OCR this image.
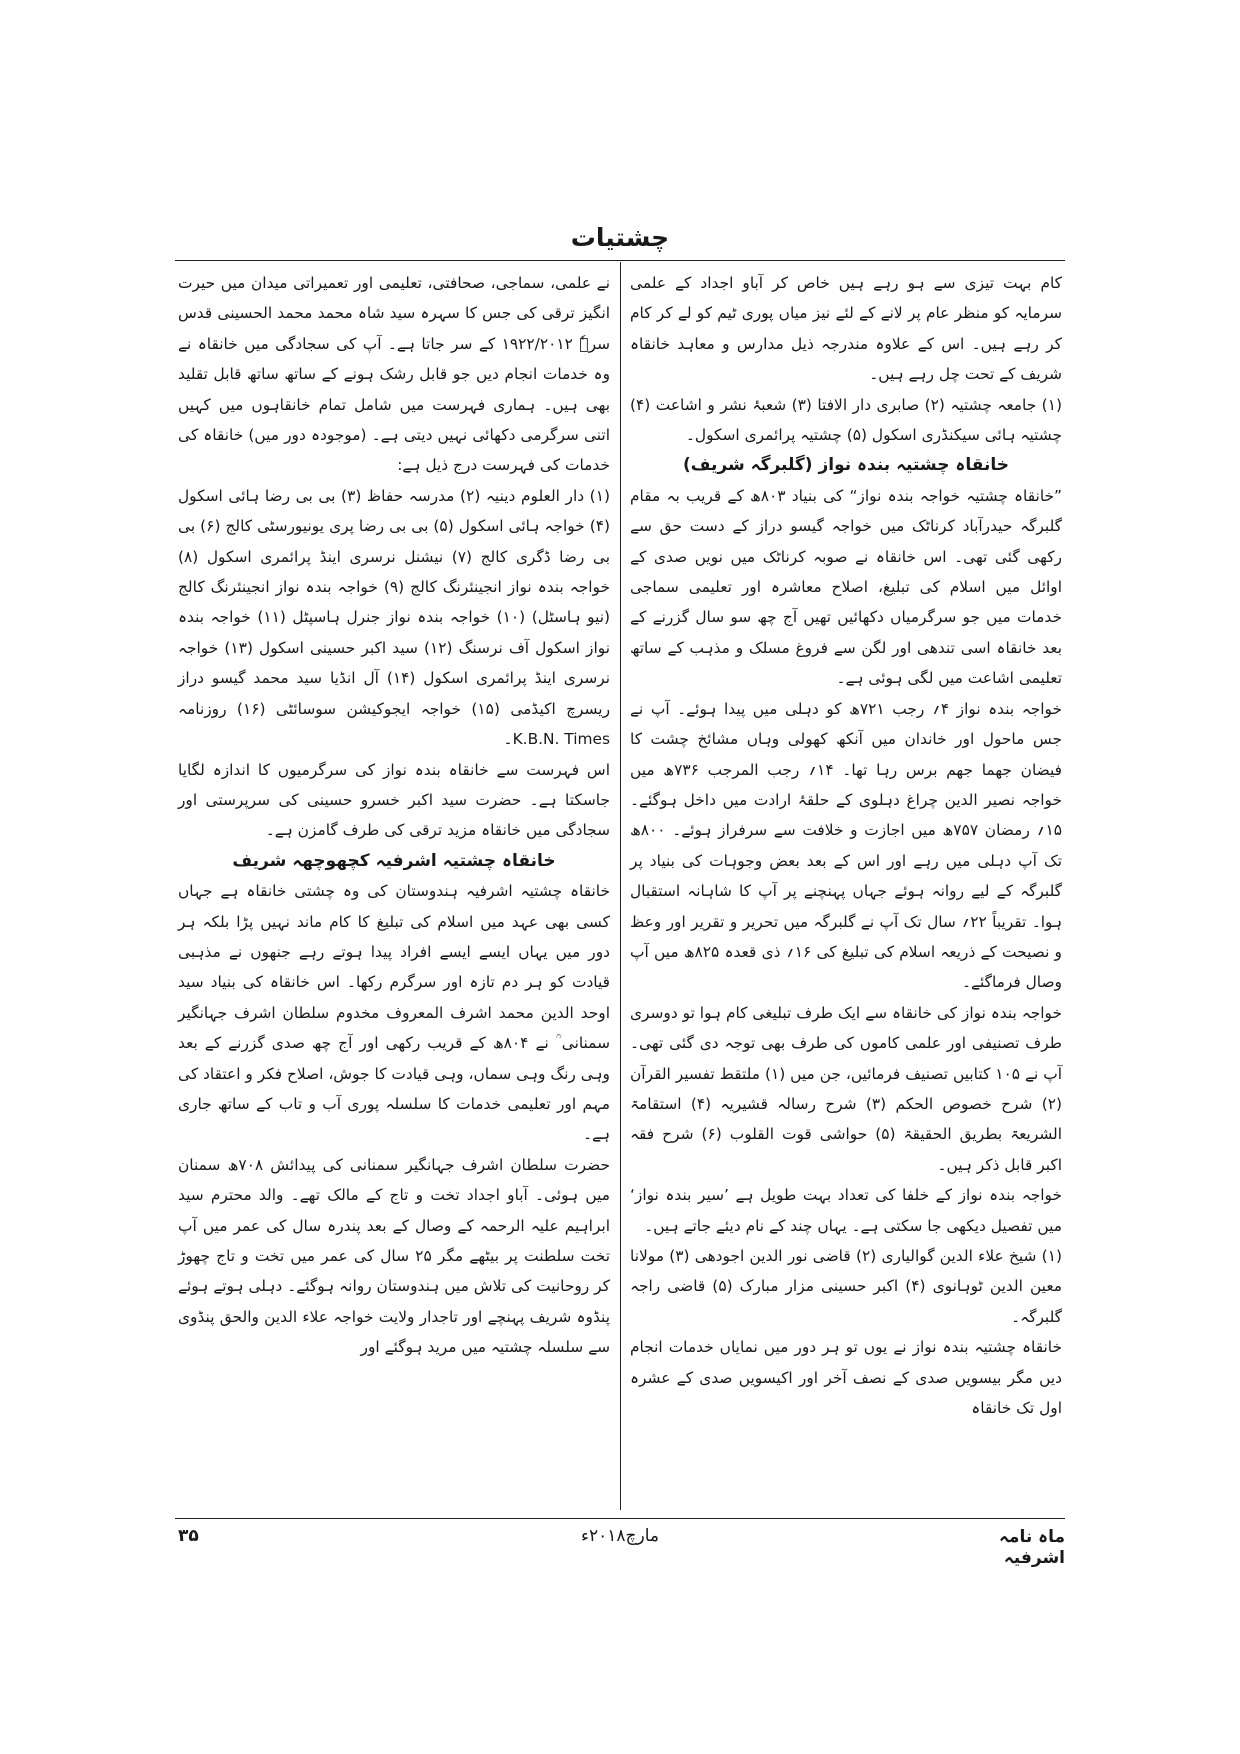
چشتیات

کام بہت تیزی سے ہو رہے ہیں خاص کر آباو اجداد کے علمی سرمایہ کو منظر عام پر لانے کے لئے نیز میاں پوری ٹیم کو لے کر کام کر رہے ہیں۔ اس کے علاوہ مندرجہ ذیل مدارس و معاہد خانقاہ شریف کے تحت چل رہے ہیں۔

(۱) جامعہ چشتیہ (۲) صابری دار الافتا (۳) شعبۂ نشر و اشاعت (۴) چشتیہ ہائی سیکنڈری اسکول (۵) چشتیہ پرائمری اسکول۔

خانقاہ چشتیہ بندہ نواز (گلبرگہ شریف)

”خانقاہ چشتیہ خواجہ بندہ نواز“ کی بنیاد ۸۰۳ھ کے قریب بہ مقام گلبرگہ حیدرآباد کرناٹک میں خواجہ گیسو دراز کے دست حق سے رکھی گئی تھی۔ اس خانقاہ نے صوبہ کرناٹک میں نویں صدی کے اوائل میں اسلام کی تبلیغ، اصلاح معاشرہ اور تعلیمی سماجی خدمات میں جو سرگرمیاں دکھائیں تھیں آج چھ سو سال گزرنے کے بعد خانقاہ اسی تندھی اور لگن سے فروغ مسلک و مذہب کے ساتھ تعلیمی اشاعت میں لگی ہوئی ہے۔

خواجہ بندہ نواز ۴؍ رجب ۷۲۱ھ کو دہلی میں پیدا ہوئے۔ آپ نے جس ماحول اور خاندان میں آنکھ کھولی وہاں مشائخ چشت کا فیضان جھما جھم برس رہا تھا۔ ۱۴؍ رجب المرجب ۷۳۶ھ میں خواجہ نصیر الدین چراغ دہلوی کے حلقۂ ارادت میں داخل ہوگئے۔ ۱۵؍ رمضان ۷۵۷ھ میں اجازت و خلافت سے سرفراز ہوئے۔ ۸۰۰ھ تک آپ دہلی میں رہے اور اس کے بعد بعض وجوہات کی بنیاد پر گلبرگہ کے لیے روانہ ہوئے جہاں پہنچنے پر آپ کا شاہانہ استقبال ہوا۔ تقریباً ۲۲؍ سال تک آپ نے گلبرگہ میں تحریر و تقریر اور وعظ و نصیحت کے ذریعہ اسلام کی تبلیغ کی ۱۶؍ ذی قعدہ ۸۲۵ھ میں آپ وصال فرماگئے۔

خواجہ بندہ نواز کی خانقاہ سے ایک طرف تبلیغی کام ہوا تو دوسری طرف تصنیفی اور علمی کاموں کی طرف بھی توجہ دی گئی تھی۔ آپ نے ۱۰۵ کتابیں تصنیف فرمائیں، جن میں (۱) ملتقط تفسیر القرآن (۲) شرح خصوص الحکم (۳) شرح رسالہ قشیریہ (۴) استقامۃ الشریعۃ بطریق الحقیقۃ (۵) حواشی قوت القلوب (۶) شرح فقہ اکبر قابل ذکر ہیں۔

خواجہ بندہ نواز کے خلفا کی تعداد بہت طویل ہے ’سیر بندہ نواز‘ میں تفصیل دیکھی جا سکتی ہے۔ یہاں چند کے نام دیئے جاتے ہیں۔

(۱) شیخ علاء الدین گوالیاری (۲) قاضی نور الدین اجودھی (۳) مولانا معین الدین ٹوہانوی (۴) اکبر حسینی مزار مبارک (۵) قاضی راجہ گلبرگہ۔

خانقاہ چشتیہ بندہ نواز نے یوں تو ہر دور میں نمایاں خدمات انجام دیں مگر بیسویں صدی کے نصف آخر اور اکیسویں صدی کے عشرہ اول تک خانقاہ

نے علمی، سماجی، صحافتی، تعلیمی اور تعمیراتی میدان میں حیرت انگیز ترقی کی جس کا سہرہ سید شاہ محمد محمد الحسینی قدس سرہٗ ۱۹۲۲/۲۰۱۲ کے سر جاتا ہے۔ آپ کی سجادگی میں خانقاہ نے وہ خدمات انجام دیں جو قابل رشک ہونے کے ساتھ ساتھ قابل تقلید بھی ہیں۔ ہماری فہرست میں شامل تمام خانقاہوں میں کہیں اتنی سرگرمی دکھائی نہیں دیتی ہے۔ (موجودہ دور میں) خانقاہ کی خدمات کی فہرست درج ذیل ہے:

(۱) دار العلوم دینیہ (۲) مدرسہ حفاظ (۳) بی بی رضا ہائی اسکول (۴) خواجہ ہائی اسکول (۵) بی بی رضا پری یونیورسٹی کالج (۶) بی بی رضا ڈگری کالج (۷) نیشنل نرسری اینڈ پرائمری اسکول (۸) خواجہ بندہ نواز انجینئرنگ کالج (۹) خواجہ بندہ نواز انجینئرنگ کالج (نیو ہاسٹل) (۱۰) خواجہ بندہ نواز جنرل ہاسپٹل (۱۱) خواجہ بندہ نواز اسکول آف نرسنگ (۱۲) سید اکبر حسینی اسکول (۱۳) خواجہ نرسری اینڈ پرائمری اسکول (۱۴) آل انڈیا سید محمد گیسو دراز ریسرچ اکیڈمی (۱۵) خواجہ ایجوکیشن سوسائٹی (۱۶) روزنامہ K.B.N. Times۔

اس فہرست سے خانقاہ بندہ نواز کی سرگرمیوں کا اندازہ لگایا جاسکتا ہے۔ حضرت سید اکبر خسرو حسینی کی سرپرستی اور سجادگی میں خانقاہ مزید ترقی کی طرف گامزن ہے۔

خانقاہ چشتیہ اشرفیہ کچھوچھہ شریف

خانقاہ چشتیہ اشرفیہ ہندوستان کی وہ چشتی خانقاہ ہے جہاں کسی بھی عہد میں اسلام کی تبلیغ کا کام ماند نہیں پڑا بلکہ ہر دور میں یہاں ایسے ایسے افراد پیدا ہوتے رہے جنھوں نے مذہبی قیادت کو ہر دم تازہ اور سرگرم رکھا۔ اس خانقاہ کی بنیاد سید اوحد الدین محمد اشرف المعروف مخدوم سلطان اشرف جہانگیر سمنانی ؒ نے ۸۰۴ھ کے قریب رکھی اور آج چھ صدی گزرنے کے بعد وہی رنگ وہی سماں، وہی قیادت کا جوش، اصلاح فکر و اعتقاد کی مہم اور تعلیمی خدمات کا سلسلہ پوری آب و تاب کے ساتھ جاری ہے۔

حضرت سلطان اشرف جہانگیر سمنانی کی پیدائش ۷۰۸ھ سمنان میں ہوئی۔ آباو اجداد تخت و تاج کے مالک تھے۔ والد محترم سید ابراہیم علیہ الرحمہ کے وصال کے بعد پندرہ سال کی عمر میں آپ تخت سلطنت پر بیٹھے مگر ۲۵ سال کی عمر میں تخت و تاج چھوڑ کر روحانیت کی تلاش میں ہندوستان روانہ ہوگئے۔ دہلی ہوتے ہوئے پنڈوہ شریف پہنچے اور تاجدار ولایت خواجہ علاء الدین والحق پنڈوی سے سلسلہ چشتیہ میں مرید ہوگئے اور

ماہ نامہ اشرفیہ
مارچ۲۰۱۸ء
۳۵
